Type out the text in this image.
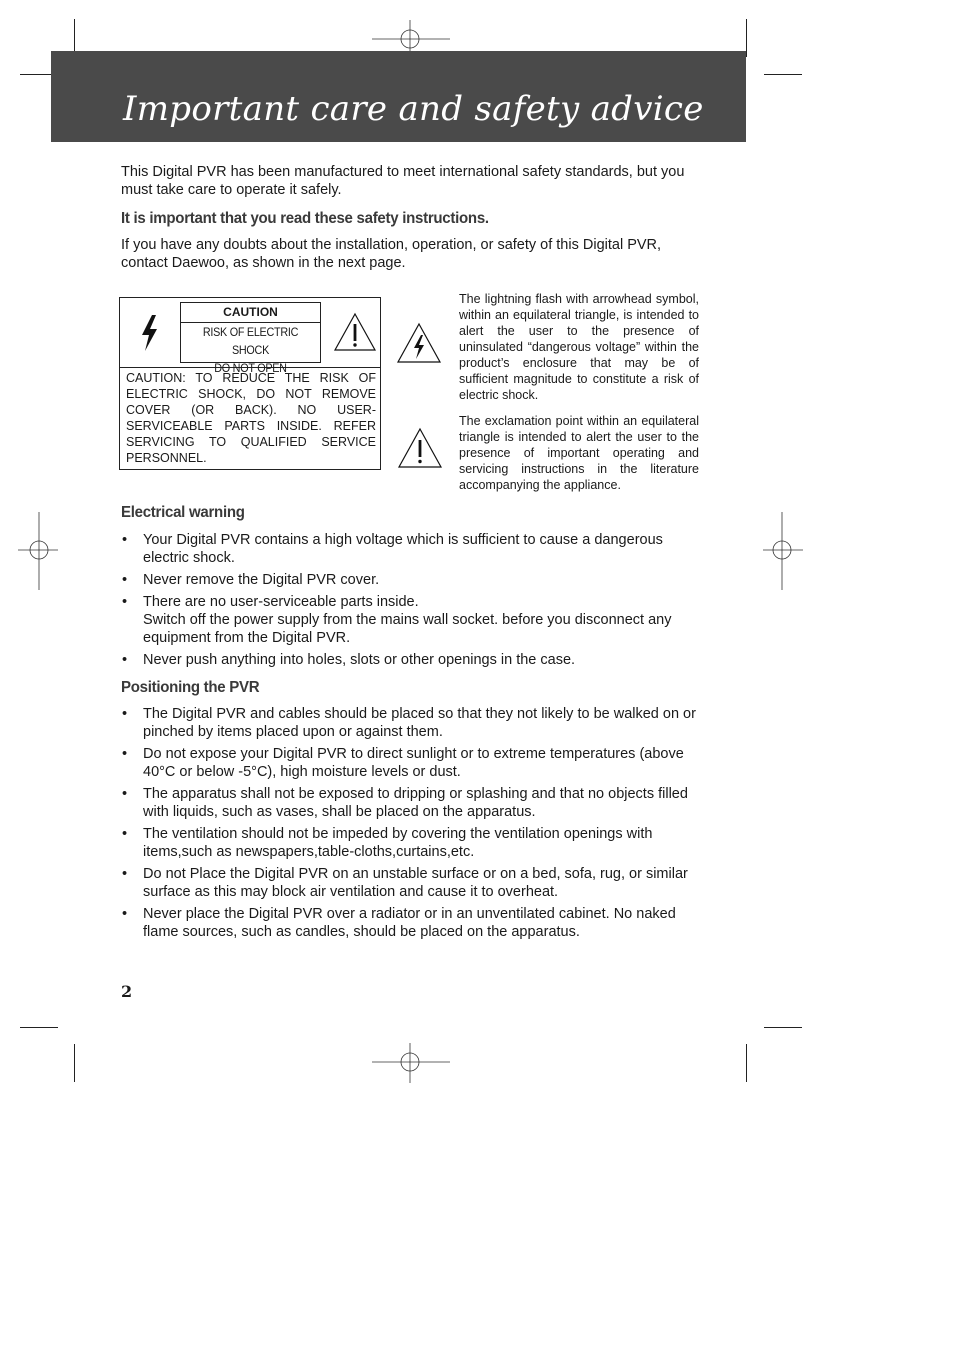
Important care and safety advice

This Digital PVR has been manufactured to meet international safety standards, but you must take care to operate it safely.

It is important that you read these safety instructions.

If you have any doubts about the installation, operation, or safety of this Digital PVR, contact Daewoo, as shown in the next page.

CAUTION
RISK OF ELECTRIC SHOCK
DO NOT OPEN

CAUTION: TO REDUCE THE RISK OF ELECTRIC SHOCK, DO NOT REMOVE COVER (OR BACK). NO USER-SERVICEABLE PARTS INSIDE. REFER SERVICING TO QUALIFIED SERVICE PERSONNEL.

The lightning flash with arrowhead symbol, within an equilateral triangle, is intended to alert the user to the presence of uninsulated “dangerous voltage” within the product’s enclosure that may be of sufficient magnitude to constitute a risk of electric shock.

The exclamation point within an equilateral triangle is intended to alert the user to the presence of important operating and servicing instructions in the literature accompanying the appliance.

Electrical warning
• Your Digital PVR contains a high voltage which is sufficient to cause a dangerous electric shock.
• Never remove the Digital PVR cover.
• There are no user-serviceable parts inside.
Switch off the power supply from the mains wall socket. before you disconnect any equipment from the Digital PVR.
• Never push anything into holes, slots or other openings in the case.
Positioning the PVR
• The Digital PVR and cables should be placed so that they not likely to be walked on or pinched by items placed upon or against them.
• Do not expose your Digital PVR to direct sunlight or to extreme temperatures (above 40°C or below -5°C), high moisture levels or dust.
• The apparatus shall not be exposed to dripping or splashing and that no objects filled with liquids, such as vases, shall be placed on the apparatus.
• The ventilation should not be impeded by covering the ventilation openings with items,such as newspapers,table-cloths,curtains,etc.
• Do not Place the Digital PVR on an unstable surface or on a bed, sofa, rug, or similar surface as this may block air ventilation and cause it to overheat.
• Never place the Digital PVR over a radiator or in an unventilated cabinet. No naked flame sources, such as candles, should be placed on the apparatus.

2
